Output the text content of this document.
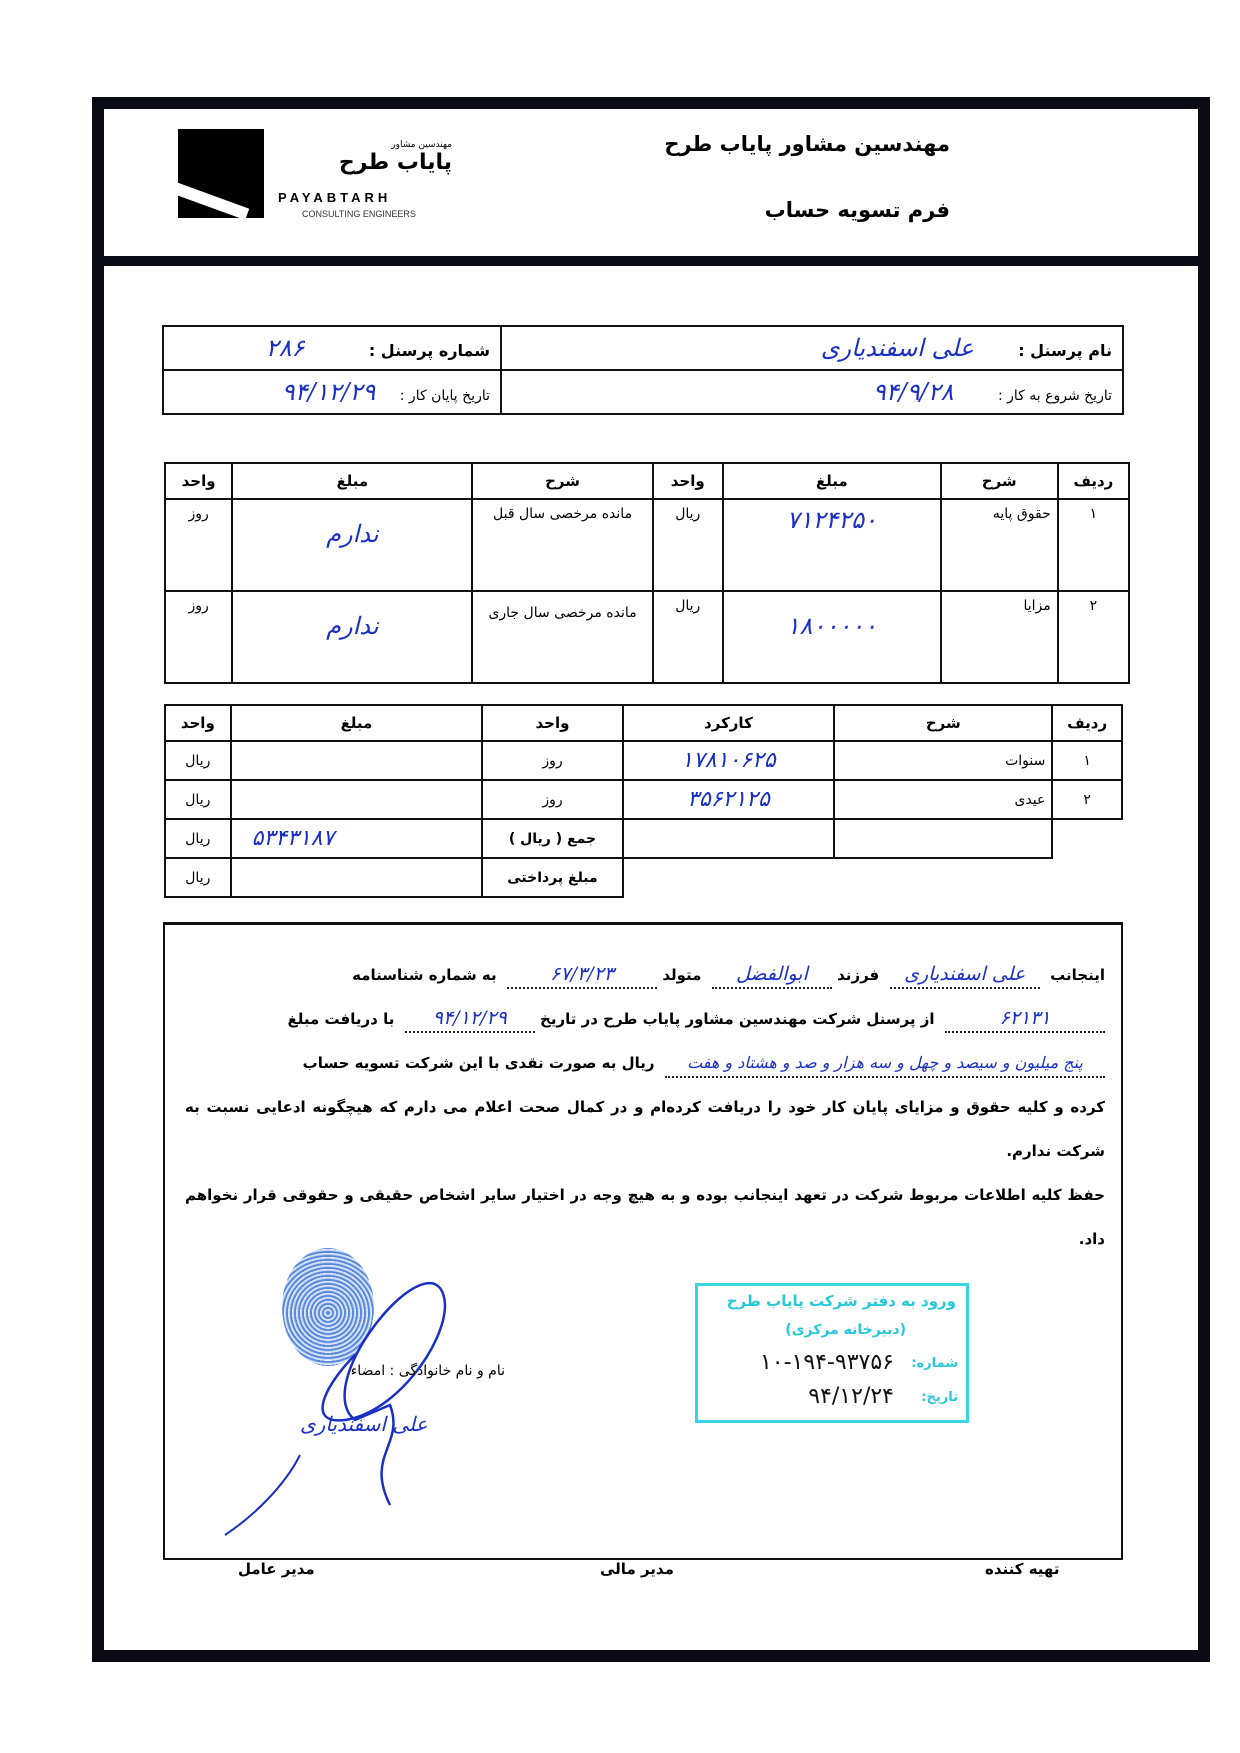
مهندسین مشاور
پایاب طرح
PAYABTARH
CONSULTING ENGINEERS
مهندسین مشاور پایاب طرح
فرم تسویه حساب
نام پرسنل : علی اسفندیاری	شماره پرسنل : ۲۸۶
تاریخ شروع به کار : ۹۴/۹/۲۸	تاریخ پایان کار : ۹۴/۱۲/۲۹
ردیف	شرح	مبلغ	واحد	شرح	مبلغ	واحد
۱	حقوق پایه	۷۱۲۴۲۵۰	ریال	مانده مرخصی سال قبل	ندارم	روز
۲	مزایا	۱۸۰۰۰۰۰	ریال	مانده مرخصی سال جاری	ندارم	روز
ردیف	شرح	کارکرد	واحد	مبلغ	واحد
۱	سنوات	۱۷۸۱۰۶۲۵	روز		ریال
۲	عیدی	۳۵۶۲۱۲۵	روز		ریال
			جمع ( ریال )	۵۳۴۳۱۸۷	ریال
			مبلغ پرداختی		ریال
اینجانب  علی اسفندیاری  فرزند ابوالفضل  متولد ۶۷/۳/۲۳  به شماره شناسنامه
۶۲۱۳۱  از پرسنل شرکت مهندسین مشاور پایاب طرح در تاریخ ۹۴/۱۲/۲۹  با دریافت مبلغ
پنج میلیون و سیصد و چهل و سه هزار و صد و هشتاد و هفت  ریال به صورت نقدی با این شرکت تسویه حساب
کرده و کلیه حقوق و مزایای پایان کار خود را دریافت کرده‌ام و در کمال صحت اعلام می دارم که هیچگونه ادعایی نسبت به شرکت ندارم.
حفظ کلیه اطلاعات مربوط شرکت در تعهد اینجانب بوده و به هیچ وجه در اختیار سایر اشخاص حقیقی و حقوقی قرار نخواهم داد.
علی اسفندیاری
نام و نام خانوادگی : امضاء
ورود به دفتر شرکت پایاب طرح
(دبیرخانه مرکزی)
شماره:
۱۰-۱۹۴-۹۳۷۵۶
تاریخ:
۹۴/۱۲/۲۴
تهیه کننده
مدیر مالی
مدیر عامل
